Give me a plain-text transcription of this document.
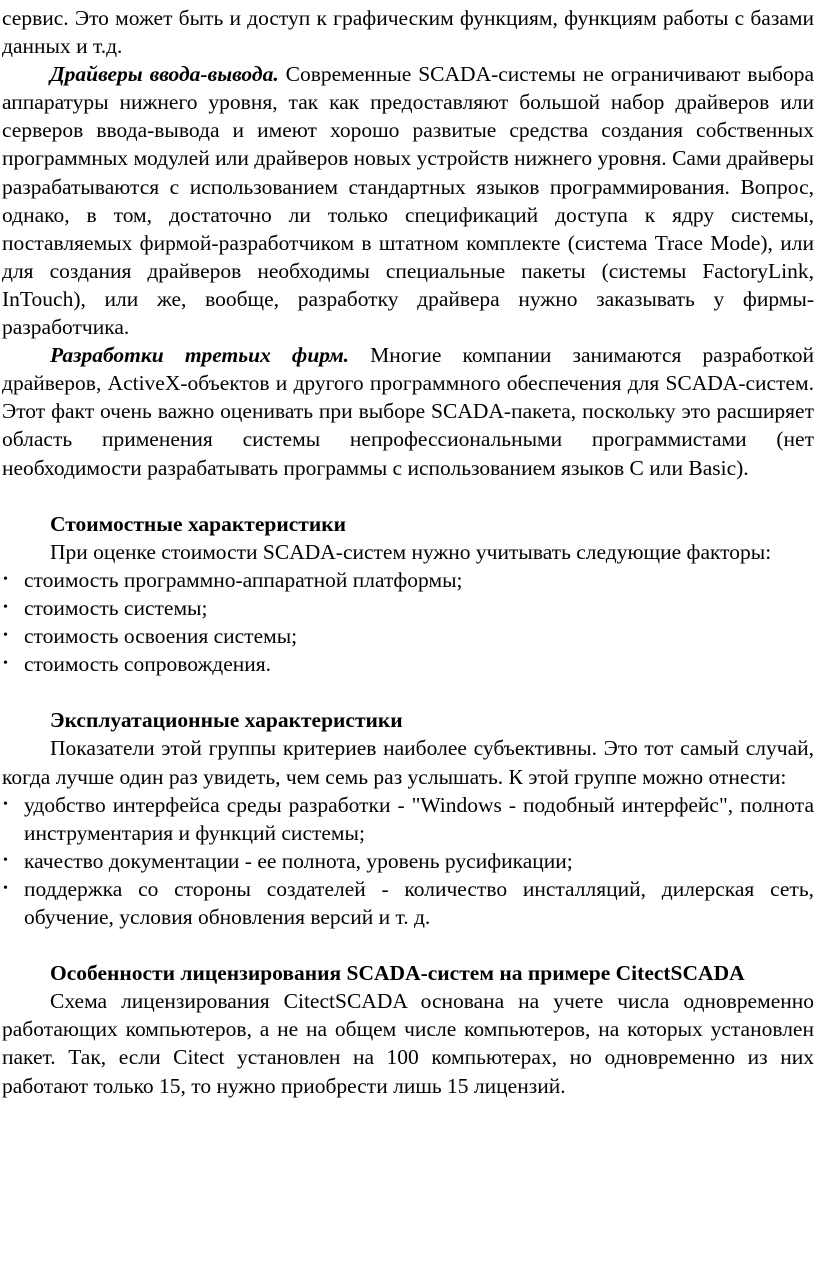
сервис. Это может быть и доступ к графическим функциям, функциям работы с базами данных и т.д.

Драйверы ввода-вывода. Современные SCADA-системы не ограничивают выбора аппаратуры нижнего уровня, так как предоставляют большой набор драйверов или серверов ввода-вывода и имеют хорошо развитые средства создания собственных программных модулей или драйверов новых устройств нижнего уровня. Сами драйверы разрабатываются с использованием стандартных языков программирования. Вопрос, однако, в том, достаточно ли только спецификаций доступа к ядру системы, поставляемых фирмой-разработчиком в штатном комплекте (система Trace Mode), или для создания драйверов необходимы специальные пакеты (системы FactoryLink, InTouch), или же, вообще, разработку драйвера нужно заказывать у фирмы-разработчика.

Разработки третьих фирм. Многие компании занимаются разработкой драйверов, ActiveX-объектов и другого программного обеспечения для SCADA-систем. Этот факт очень важно оценивать при выборе SCADA-пакета, поскольку это расширяет область применения системы непрофессиональными программистами (нет необходимости разрабатывать программы с использованием языков С или Basic).

Стоимостные характеристики

При оценке стоимости SCADA-систем нужно учитывать следующие факторы:

• стоимость программно-аппаратной платформы;
• стоимость системы;
• стоимость освоения системы;
• стоимость сопровождения.
Эксплуатационные характеристики

Показатели этой группы критериев наиболее субъективны. Это тот самый случай, когда лучше один раз увидеть, чем семь раз услышать. К этой группе можно отнести:

• удобство интерфейса среды разработки - "Windows - подобный интерфейс", полнота инструментария и функций системы;
• качество документации - ее полнота, уровень русификации;
• поддержка со стороны создателей - количество инсталляций, дилерская сеть, обучение, условия обновления версий и т. д.
Особенности лицензирования SCADA-систем на примере CitectSCADA

Схема лицензирования CitectSCADA основана на учете числа одновременно работающих компьютеров, а не на общем числе компьютеров, на которых установлен пакет. Так, если Citect установлен на 100 компьютерах, но одновременно из них работают только 15, то нужно приобрести лишь 15 лицензий.
